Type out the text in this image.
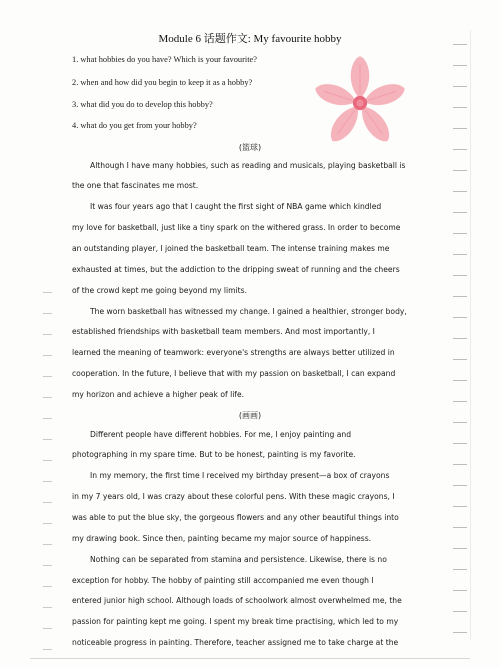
Module 6 话题作文: My favourite hobby
1. what hobbies do you have? Which is your favourite?
2. when and how did you begin to keep it as a hobby?
3. what did you do to develop this hobby?
4. what do you get from your hobby?
(篮球)
Although I have many hobbies, such as reading and musicals, playing basketball is
the one that fascinates me most.
It was four years ago that I caught the first sight of NBA game which kindled
my love for basketball, just like a tiny spark on the withered grass. In order to become
an outstanding player, I joined the basketball team. The intense training makes me
exhausted at times, but the addiction to the dripping sweat of running and the cheers
of the crowd kept me going beyond my limits.
The worn basketball has witnessed my change. I gained a healthier, stronger body,
established friendships with basketball team members. And most importantly, I
learned the meaning of teamwork: everyone's strengths are always better utilized in
cooperation. In the future, I believe that with my passion on basketball, I can expand
my horizon and achieve a higher peak of life.
(画画)
Different people have different hobbies. For me, I enjoy painting and
photographing in my spare time. But to be honest, painting is my favorite.
In my memory, the first time I received my birthday present—a box of crayons
in my 7 years old, I was crazy about these colorful pens. With these magic crayons, I
was able to put the blue sky, the gorgeous flowers and any other beautiful things into
my drawing book. Since then, painting became my major source of happiness.
Nothing can be separated from stamina and persistence. Likewise, there is no
exception for hobby. The hobby of painting still accompanied me even though I
entered junior high school. Although loads of schoolwork almost overwhelmed me, the
passion for painting kept me going. I spent my break time practising, which led to my
noticeable progress in painting. Therefore, teacher assigned me to take charge at the
